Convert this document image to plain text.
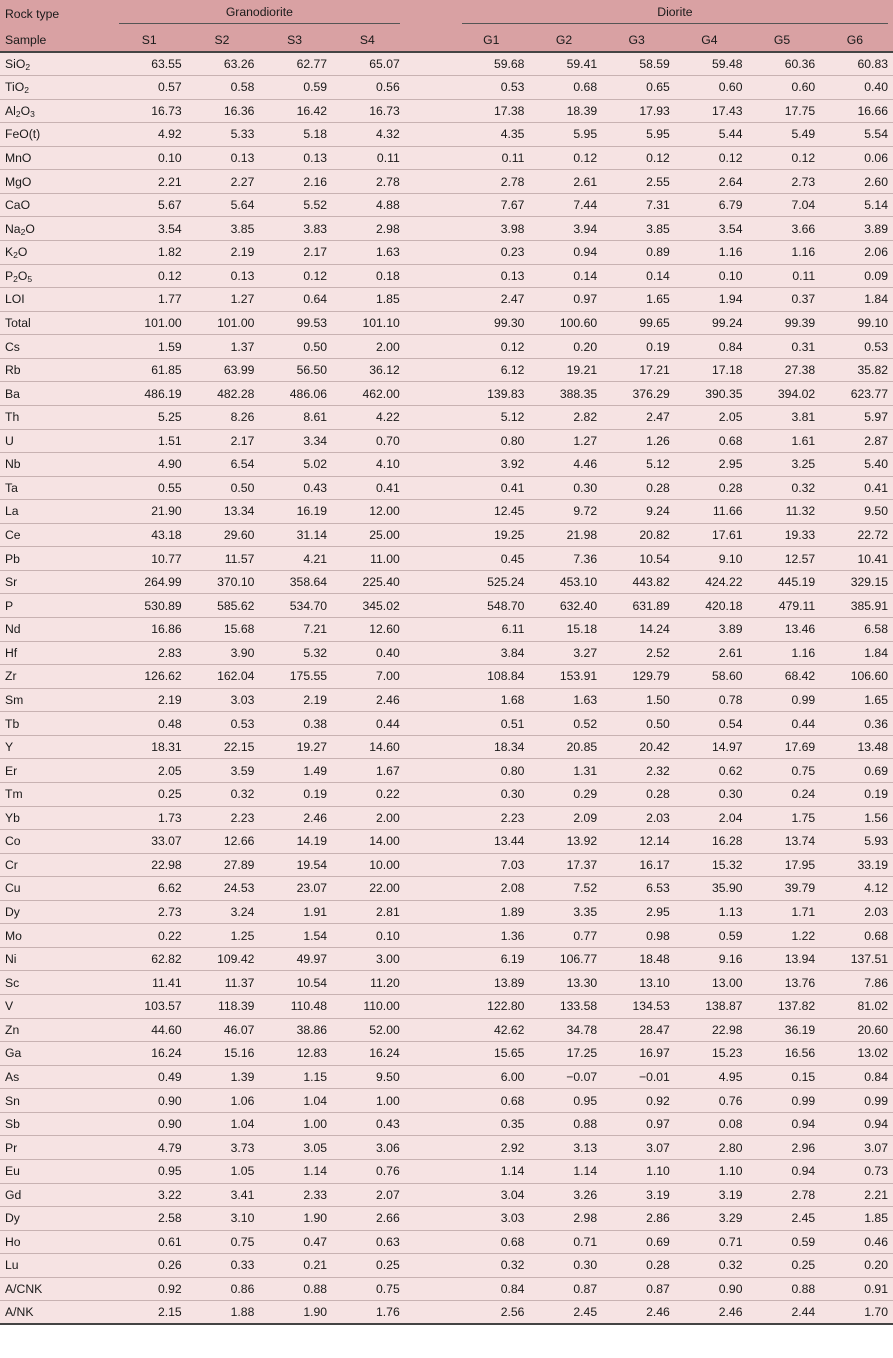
Rock type	Granodiorite					Diorite					

Sample	S1	S2	S3	S4		G1	G2	G3	G4	G5	G6
SiO$_2$	63.55	63.26	62.77	65.07		59.68	59.41	58.59	59.48	60.36	60.83
TiO$_2$	0.57	0.58	0.59	0.56		0.53	0.68	0.65	0.60	0.60	0.40
$Al_2O_3$	16.73	16.36	16.42	16.73		17.38	18.39	17.93	17.43	17.75	16.66
FeO(t)	4.92	5.33	5.18	4.32		4.35	5.95	5.95	5.44	5.49	5.54
MnO	0.10	0.13	0.13	0.11		0.11	0.12	0.12	0.12	0.12	0.06
MgO	2.21	2.27	2.16	2.78		2.78	2.61	2.55	2.64	2.73	2.60
CaO	5.67	5.64	5.52	4.88		7.67	7.44	7.31	6.79	7.04	5.14
$Na_2O$	3.54	3.85	3.83	2.98		3.98	3.94	3.85	3.54	3.66	3.89
$K_2O$	1.82	2.19	2.17	1.63		0.23	0.94	0.89	1.16	1.16	2.06
$P_2O_5$	0.12	0.13	0.12	0.18		0.13	0.14	0.14	0.10	0.11	0.09
LOI	1.77	1.27	0.64	1.85		2.47	0.97	1.65	1.94	0.37	1.84
Total	101.00	101.00	99.53	101.10		99.30	100.60	99.65	99.24	99.39	99.10
Cs	1.59	1.37	0.50	2.00		0.12	0.20	0.19	0.84	0.31	0.53
Rb	61.85	63.99	56.50	36.12		6.12	19.21	17.21	17.18	27.38	35.82
Ba	486.19	482.28	486.06	462.00		139.83	388.35	376.29	390.35	394.02	623.77
Th	5.25	8.26	8.61	4.22		5.12	2.82	2.47	2.05	3.81	5.97
U	1.51	2.17	3.34	0.70		0.80	1.27	1.26	0.68	1.61	2.87
Nb	4.90	6.54	5.02	4.10		3.92	4.46	5.12	2.95	3.25	5.40
Ta	0.55	0.50	0.43	0.41		0.41	0.30	0.28	0.28	0.32	0.41
La	21.90	13.34	16.19	12.00		12.45	9.72	9.24	11.66	11.32	9.50
Ce	43.18	29.60	31.14	25.00		19.25	21.98	20.82	17.61	19.33	22.72
Pb	10.77	11.57	4.21	11.00		0.45	7.36	10.54	9.10	12.57	10.41
Sr	264.99	370.10	358.64	225.40		525.24	453.10	443.82	424.22	445.19	329.15
P	530.89	585.62	534.70	345.02		548.70	632.40	631.89	420.18	479.11	385.91
Nd	16.86	15.68	7.21	12.60		6.11	15.18	14.24	3.89	13.46	6.58
Hf	2.83	3.90	5.32	0.40		3.84	3.27	2.52	2.61	1.16	1.84
Zr	126.62	162.04	175.55	7.00		108.84	153.91	129.79	58.60	68.42	106.60
Sm	2.19	3.03	2.19	2.46		1.68	1.63	1.50	0.78	0.99	1.65
Tb	0.48	0.53	0.38	0.44		0.51	0.52	0.50	0.54	0.44	0.36
Y	18.31	22.15	19.27	14.60		18.34	20.85	20.42	14.97	17.69	13.48
Er	2.05	3.59	1.49	1.67		0.80	1.31	2.32	0.62	0.75	0.69
Tm	0.25	0.32	0.19	0.22		0.30	0.29	0.28	0.30	0.24	0.19
Yb	1.73	2.23	2.46	2.00		2.23	2.09	2.03	2.04	1.75	1.56
Co	33.07	12.66	14.19	14.00		13.44	13.92	12.14	16.28	13.74	5.93
Cr	22.98	27.89	19.54	10.00		7.03	17.37	16.17	15.32	17.95	33.19
Cu	6.62	24.53	23.07	22.00		2.08	7.52	6.53	35.90	39.79	4.12
Dy	2.73	3.24	1.91	2.81		1.89	3.35	2.95	1.13	1.71	2.03
Mo	0.22	1.25	1.54	0.10		1.36	0.77	0.98	0.59	1.22	0.68
Ni	62.82	109.42	49.97	3.00		6.19	106.77	18.48	9.16	13.94	137.51
Sc	11.41	11.37	10.54	11.20		13.89	13.30	13.10	13.00	13.76	7.86
V	103.57	118.39	110.48	110.00		122.80	133.58	134.53	138.87	137.82	81.02
Zn	44.60	46.07	38.86	52.00		42.62	34.78	28.47	22.98	36.19	20.60
Ga	16.24	15.16	12.83	16.24		15.65	17.25	16.97	15.23	16.56	13.02
As	0.49	1.39	1.15	9.50		6.00	−0.07	−0.01	4.95	0.15	0.84
Sn	0.90	1.06	1.04	1.00		0.68	0.95	0.92	0.76	0.99	0.99
Sb	0.90	1.04	1.00	0.43		0.35	0.88	0.97	0.08	0.94	0.94
Pr	4.79	3.73	3.05	3.06		2.92	3.13	3.07	2.80	2.96	3.07
Eu	0.95	1.05	1.14	0.76		1.14	1.14	1.10	1.10	0.94	0.73
Gd	3.22	3.41	2.33	2.07		3.04	3.26	3.19	3.19	2.78	2.21
Dy	2.58	3.10	1.90	2.66		3.03	2.98	2.86	3.29	2.45	1.85
Ho	0.61	0.75	0.47	0.63		0.68	0.71	0.69	0.71	0.59	0.46
Lu	0.26	0.33	0.21	0.25		0.32	0.30	0.28	0.32	0.25	0.20
A/CNK	0.92	0.86	0.88	0.75		0.84	0.87	0.87	0.90	0.88	0.91
A/NK	2.15	1.88	1.90	1.76		2.56	2.45	2.46	2.46	2.44	1.70
